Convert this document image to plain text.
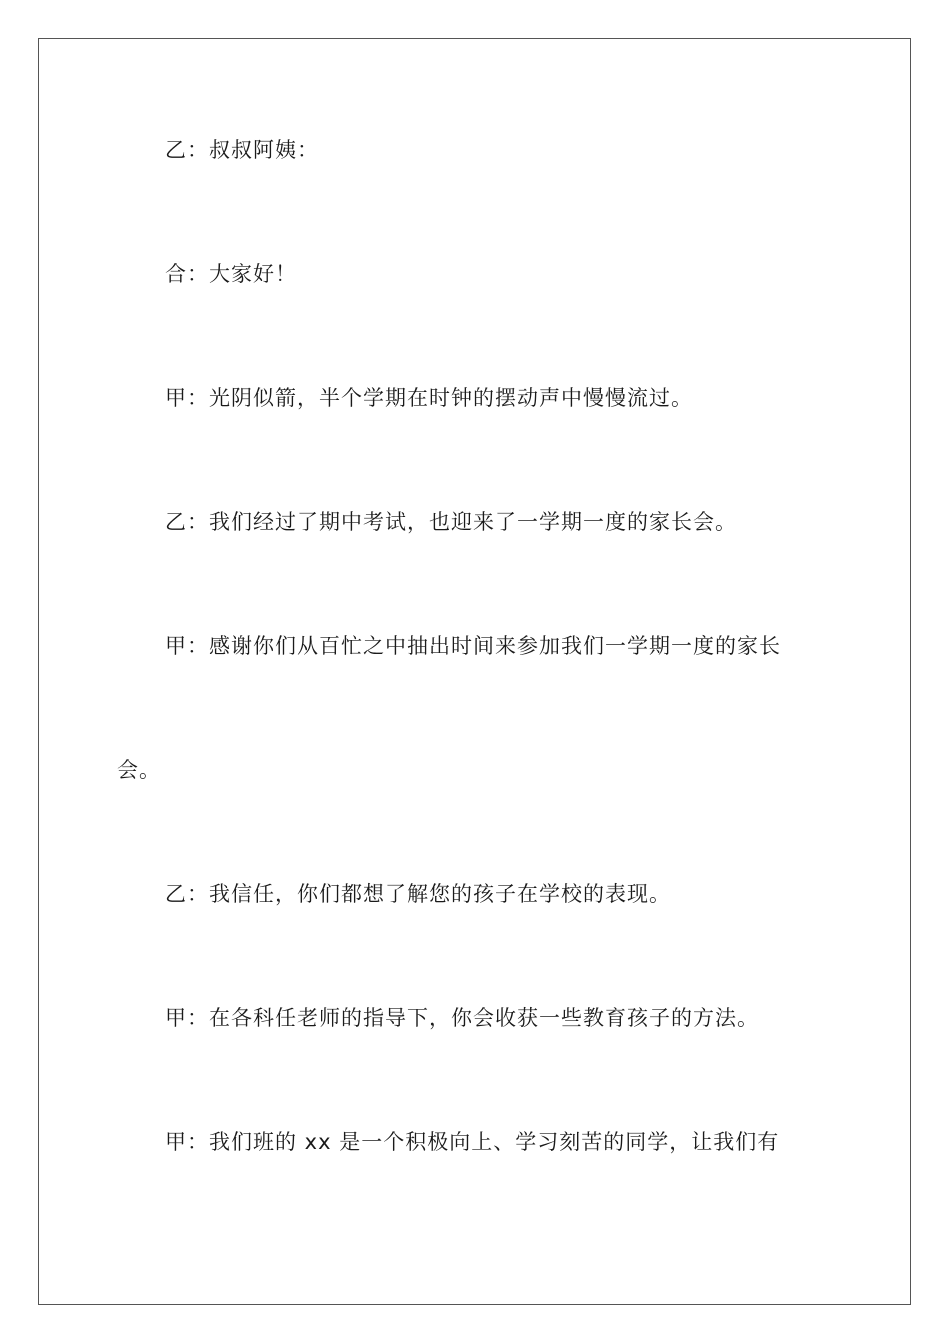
乙：叔叔阿姨：
合：大家好！
甲：光阴似箭，半个学期在时钟的摆动声中慢慢流过。
乙：我们经过了期中考试，也迎来了一学期一度的家长会。
甲：感谢你们从百忙之中抽出时间来参加我们一学期一度的家长
会。
乙：我信任，你们都想了解您的孩子在学校的表现。
甲：在各科任老师的指导下，你会收获一些教育孩子的方法。
甲：我们班的 xx 是一个积极向上、学习刻苦的同学，让我们有
